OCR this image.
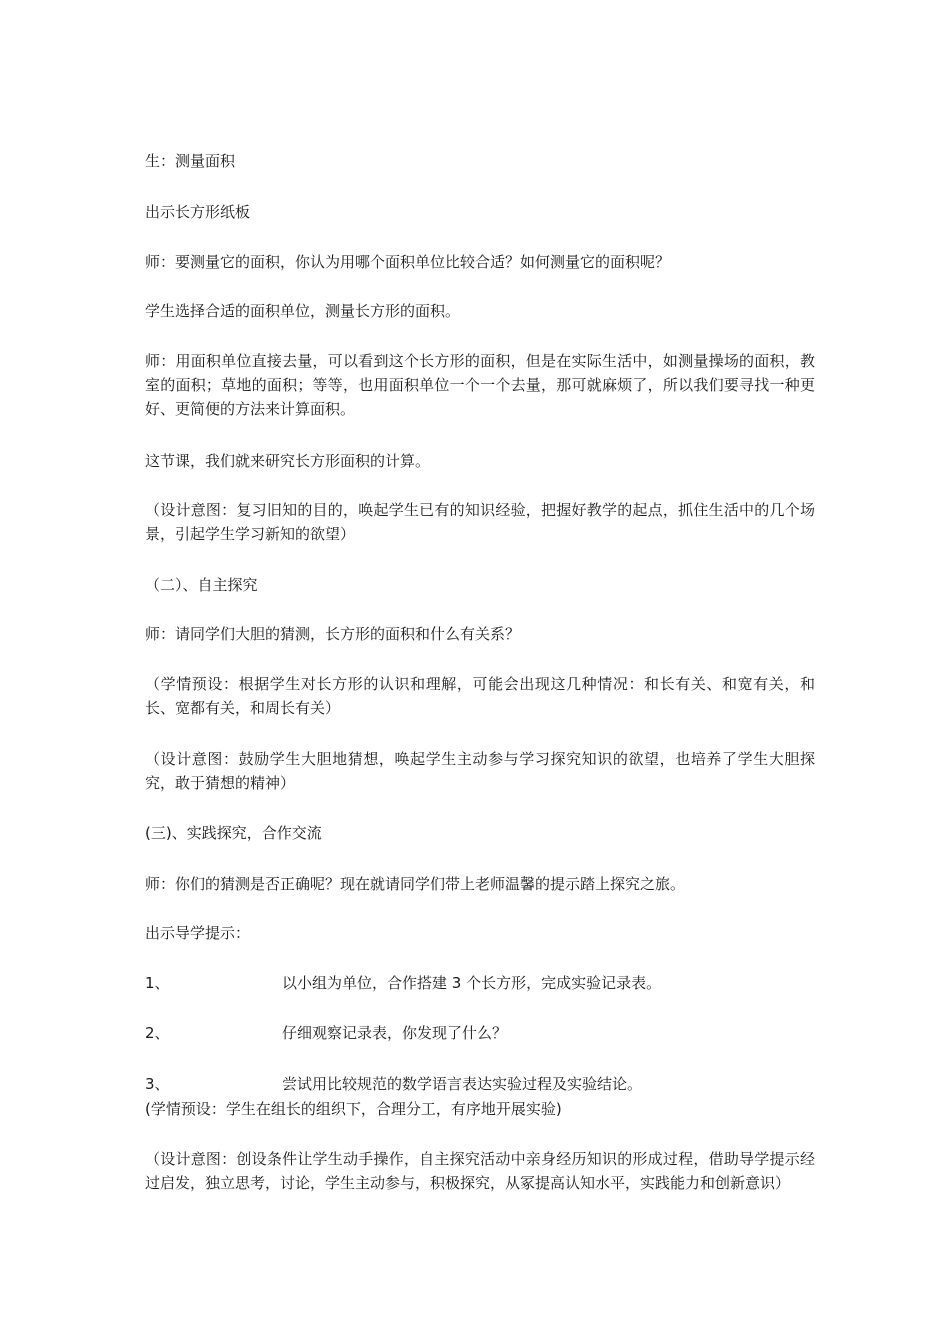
生：测量面积
出示长方形纸板
师：要测量它的面积，你认为用哪个面积单位比较合适？如何测量它的面积呢？
学生选择合适的面积单位，测量长方形的面积。
师：用面积单位直接去量，可以看到这个长方形的面积，但是在实际生活中，如测量操场的面积，教室的面积；草地的面积；等等，也用面积单位一个一个去量，那可就麻烦了，所以我们要寻找一种更好、更简便的方法来计算面积。
这节课，我们就来研究长方形面积的计算。
（设计意图：复习旧知的目的，唤起学生已有的知识经验，把握好教学的起点，抓住生活中的几个场景，引起学生学习新知的欲望）
（二）、自主探究
师：请同学们大胆的猜测，长方形的面积和什么有关系？
（学情预设：根据学生对长方形的认识和理解，可能会出现这几种情况：和长有关、和宽有关，和长、宽都有关，和周长有关）
（设计意图：鼓励学生大胆地猜想，唤起学生主动参与学习探究知识的欲望，也培养了学生大胆探究，敢于猜想的精神）
(三)、实践探究，合作交流
师：你们的猜测是否正确呢？现在就请同学们带上老师温馨的提示踏上探究之旅。
出示导学提示：
1、	以小组为单位，合作搭建 3 个长方形，完成实验记录表。
2、	仔细观察记录表，你发现了什么？
3、	尝试用比较规范的数学语言表达实验过程及实验结论。
(学情预设：学生在组长的组织下，合理分工，有序地开展实验)
（设计意图：创设条件让学生动手操作，自主探究活动中亲身经历知识的形成过程，借助导学提示经过启发，独立思考，讨论，学生主动参与，积极探究，从冢提高认知水平，实践能力和创新意识）
